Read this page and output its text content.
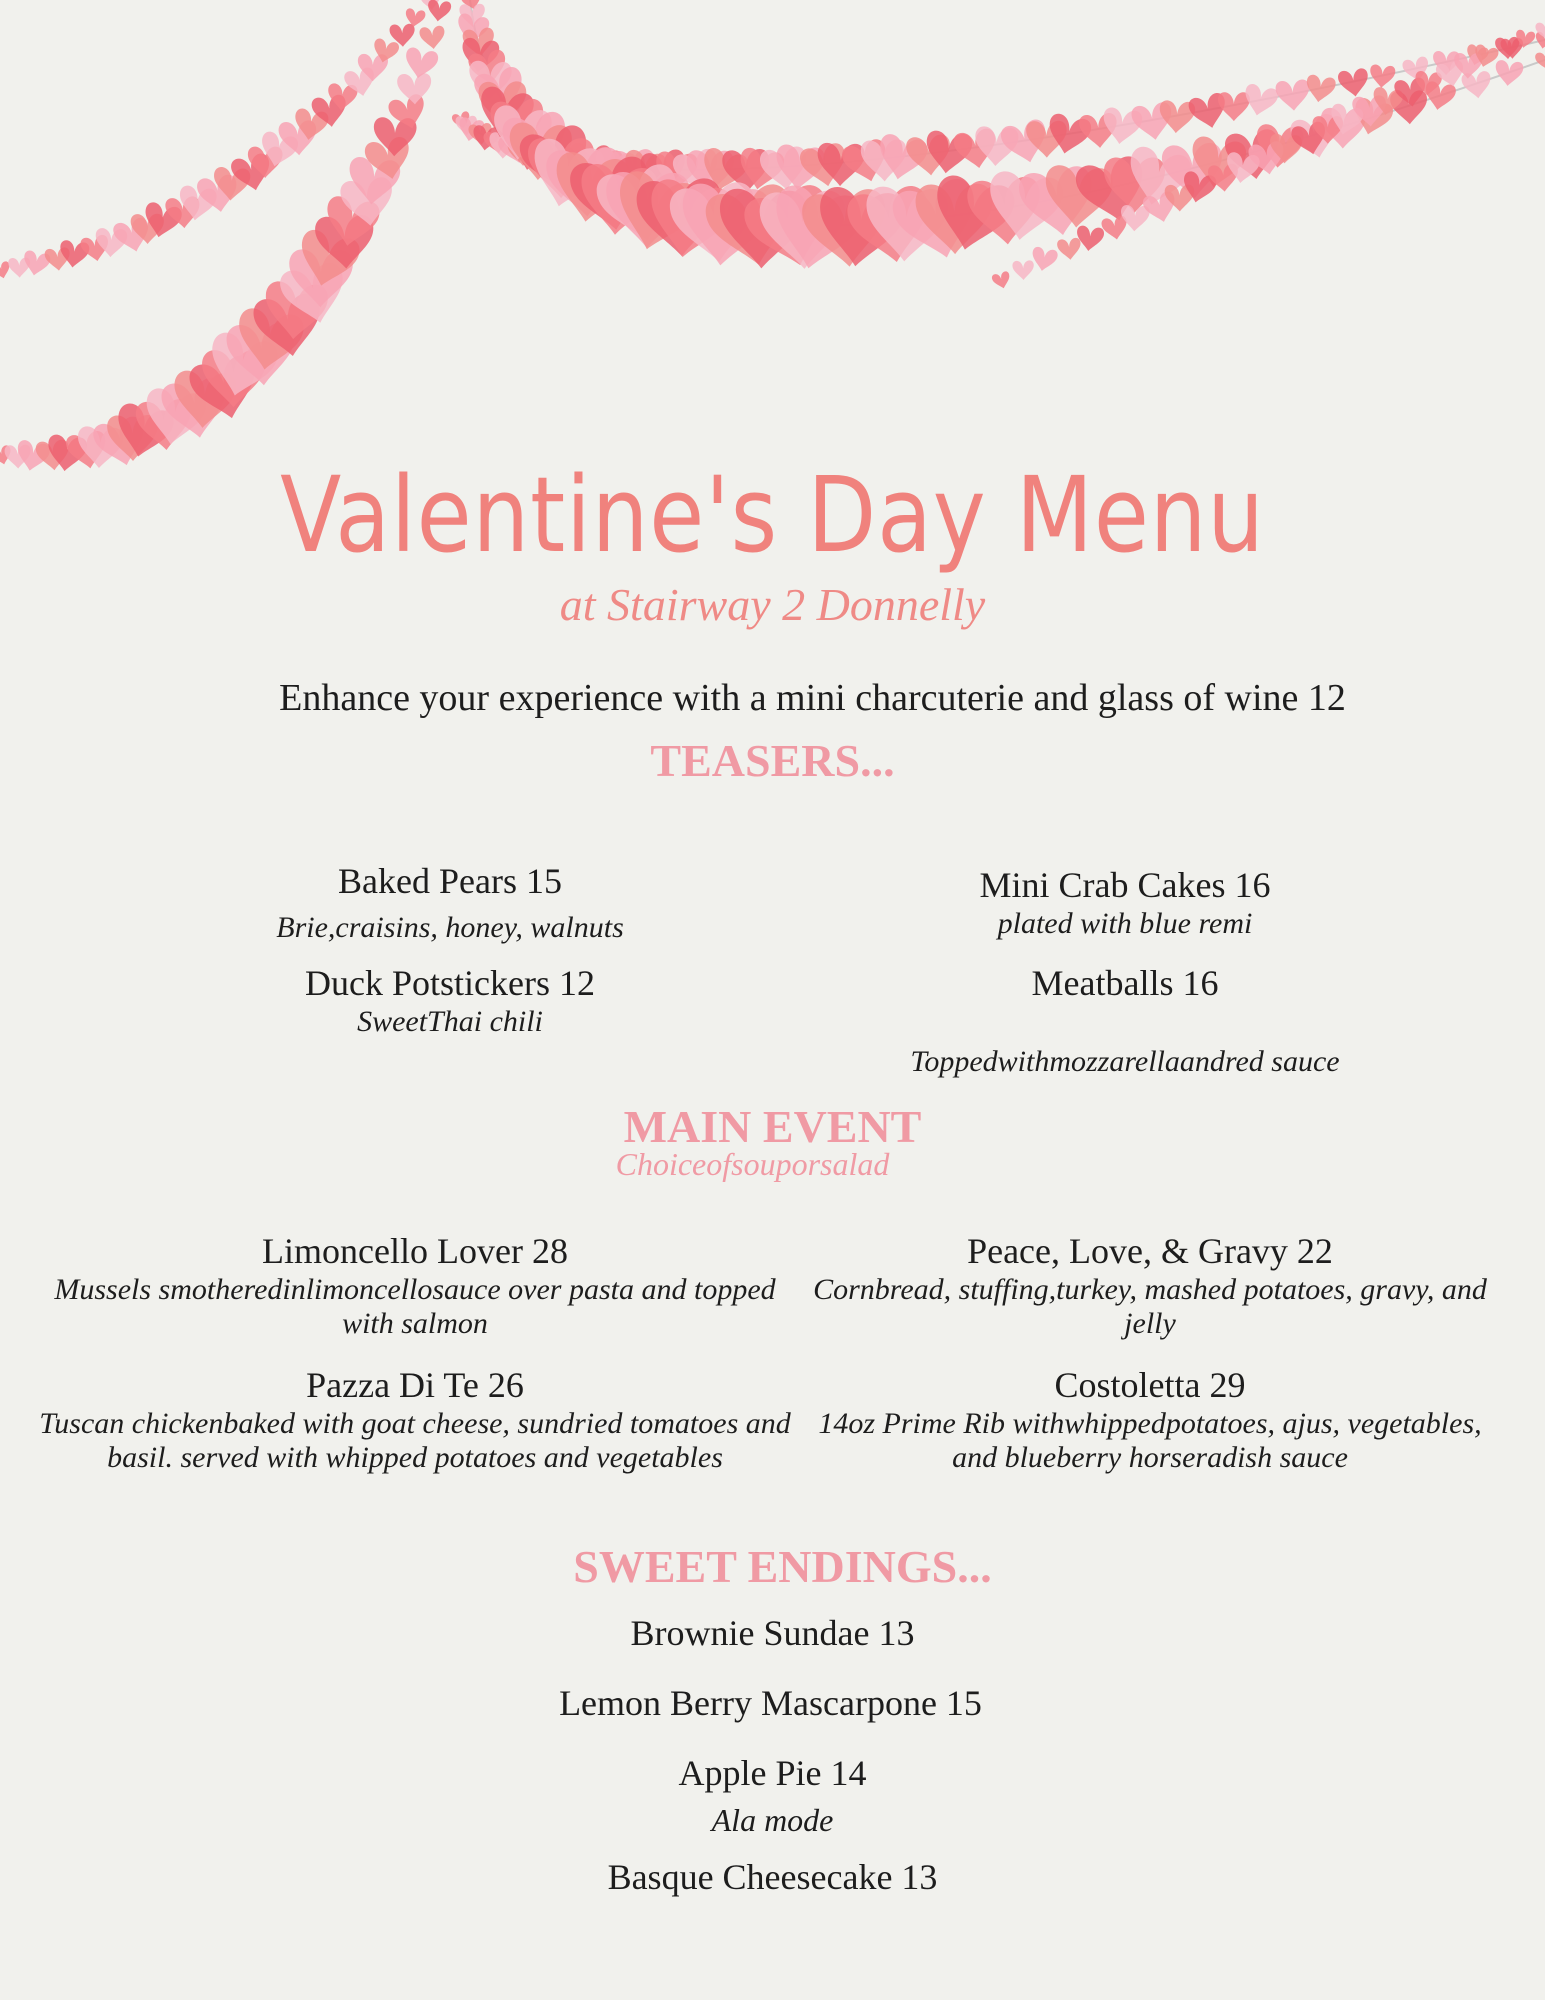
Valentine's Day Menu
at Stairway 2 Donnelly
Enhance your experience with a mini charcuterie and glass of wine 12
TEASERS...
Baked Pears 15
Brie,craisins, honey, walnuts
Duck Potstickers 12
SweetThai chili
Mini Crab Cakes 16
plated with blue remi
Meatballs 16
Toppedwithmozzarellaandred sauce
MAIN EVENT
Choiceofsouporsalad
Limoncello Lover 28
Mussels smotheredinlimoncellosauce over pasta and topped with salmon
Pazza Di Te 26
Tuscan chickenbaked with goat cheese, sundried tomatoes and basil. served with whipped potatoes and vegetables
Peace, Love, & Gravy 22
Cornbread, stuffing,turkey, mashed potatoes, gravy, and jelly
Costoletta 29
14oz Prime Rib withwhippedpotatoes, ajus, vegetables, and blueberry horseradish sauce
SWEET ENDINGS...
Brownie Sundae 13
Lemon Berry Mascarpone 15
Apple Pie 14
Ala mode
Basque Cheesecake 13
